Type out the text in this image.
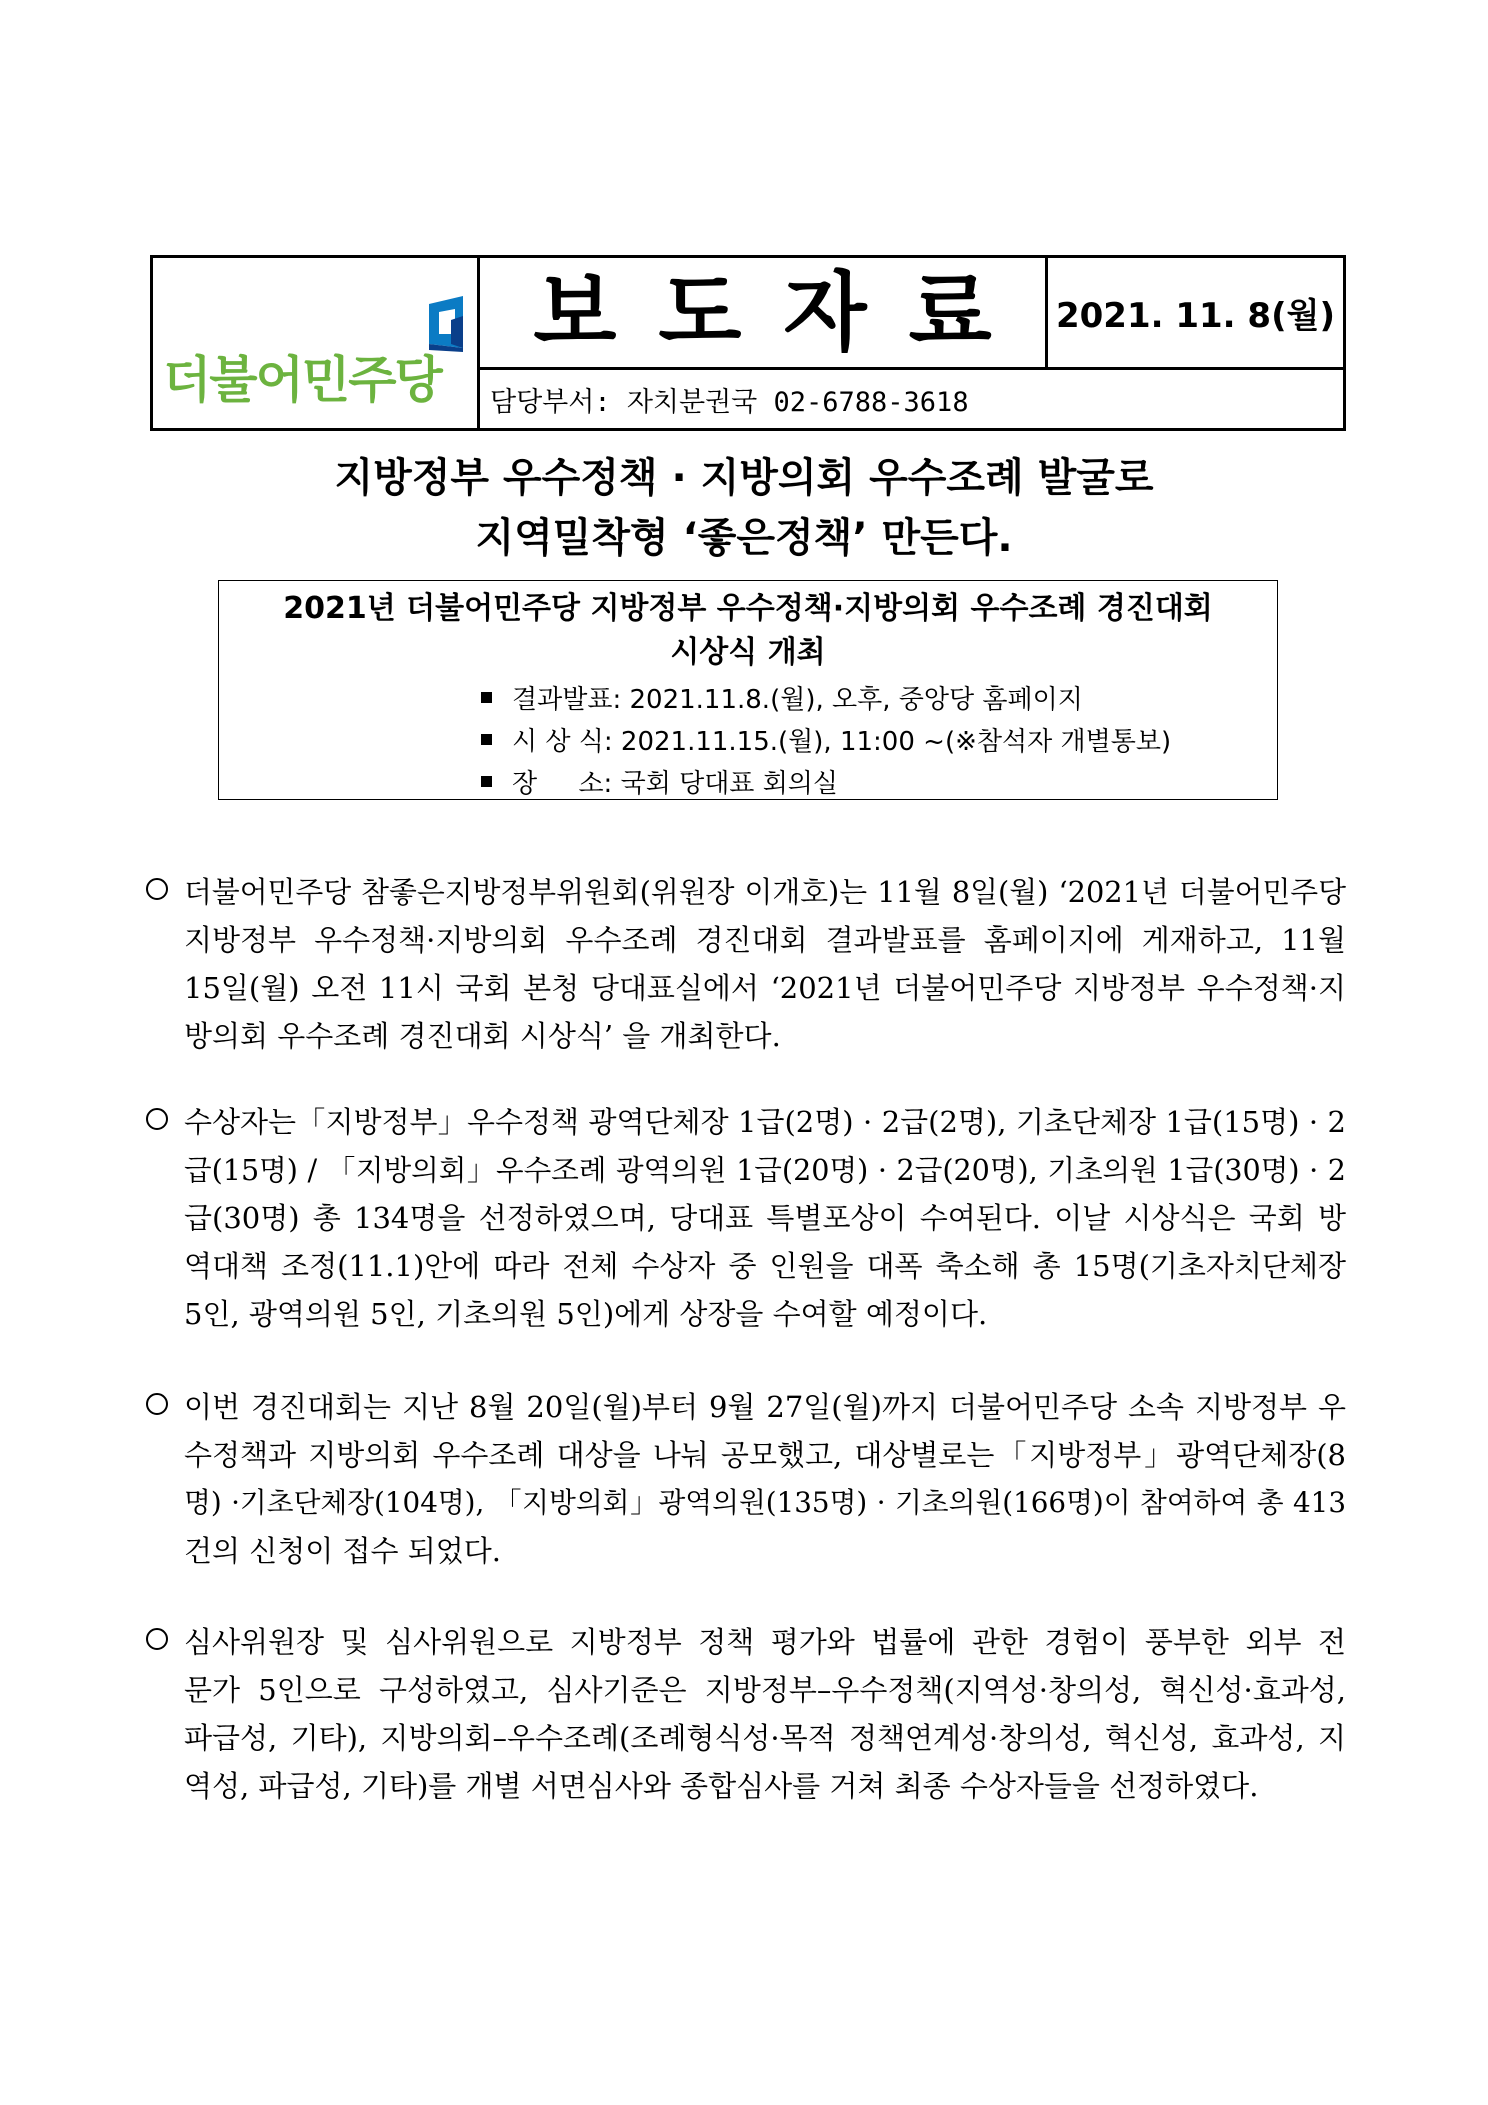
더불어민주당
보도자료 2021. 11. 8(월)
담당부서: 자치분권국 02-6788-3618
지방정부 우수정책 · 지방의회 우수조례 발굴로
지역밀착형 ‘좋은정책’ 만든다.
2021년 더불어민주당 지방정부 우수정책·지방의회 우수조례 경진대회
시상식 개최
결과발표: 2021.11.8.(월), 오후, 중앙당 홈페이지
시 상 식: 2021.11.15.(월), 11:00 ~(※참석자 개별통보)
장     소: 국회 당대표 회의실
더불어민주당 참좋은지방정부위원회(위원장 이개호)는 11월 8일(월) ‘2021년 더불어민주당
지방정부 우수정책·지방의회 우수조례 경진대회 결과발표를 홈페이지에 게재하고, 11월
15일(월) 오전 11시 국회 본청 당대표실에서 ‘2021년 더불어민주당 지방정부 우수정책·지
방의회 우수조례 경진대회 시상식’ 을 개최한다.
수상자는「지방정부」우수정책 광역단체장 1급(2명) · 2급(2명), 기초단체장 1급(15명) · 2
급(15명) / 「지방의회」우수조례 광역의원 1급(20명) · 2급(20명), 기초의원 1급(30명) · 2
급(30명) 총 134명을 선정하였으며, 당대표 특별포상이 수여된다. 이날 시상식은 국회 방
역대책 조정(11.1)안에 따라 전체 수상자 중 인원을 대폭 축소해 총 15명(기초자치단체장
5인, 광역의원 5인, 기초의원 5인)에게 상장을 수여할 예정이다.
이번 경진대회는 지난 8월 20일(월)부터 9월 27일(월)까지 더불어민주당 소속 지방정부 우
수정책과 지방의회 우수조례 대상을 나눠 공모했고, 대상별로는「지방정부」광역단체장(8
명) ·기초단체장(104명), 「지방의회」광역의원(135명) · 기초의원(166명)이 참여하여 총 413
건의 신청이 접수 되었다.
심사위원장 및 심사위원으로 지방정부 정책 평가와 법률에 관한 경험이 풍부한 외부 전
문가 5인으로 구성하였고, 심사기준은 지방정부–우수정책(지역성·창의성, 혁신성·효과성,
파급성, 기타), 지방의회–우수조례(조례형식성·목적 정책연계성·창의성, 혁신성, 효과성, 지
역성, 파급성, 기타)를 개별 서면심사와 종합심사를 거쳐 최종 수상자들을 선정하였다.
